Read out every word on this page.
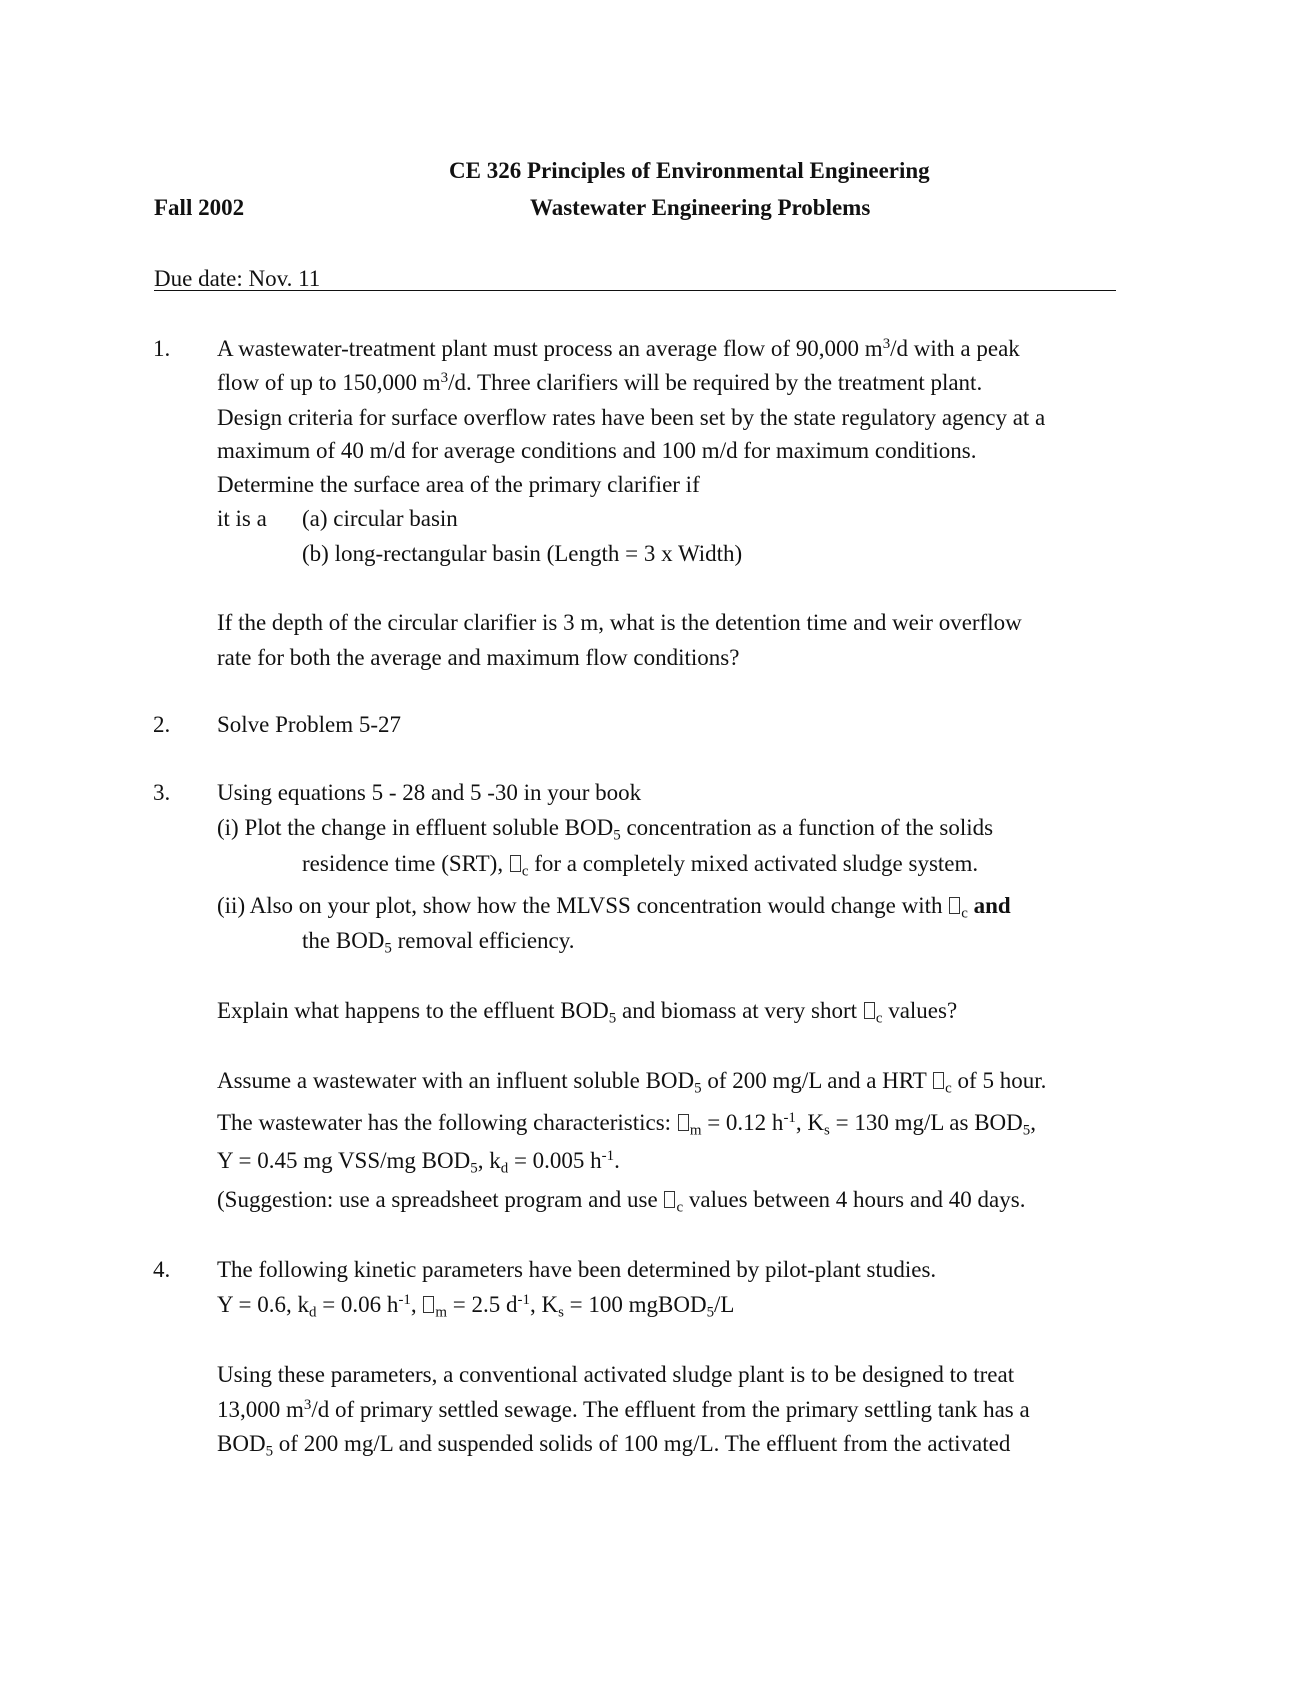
CE 326 Principles of Environmental Engineering
Fall 2002	Wastewater Engineering Problems
Due date: Nov. 11
1. A wastewater-treatment plant must process an average flow of 90,000 $m^3/d$ with a peak
flow of up to 150,000 $m^3/d$. Three clarifiers will be required by the treatment plant.
Design criteria for surface overflow rates have been set by the state regulatory agency at a
maximum of 40 m/d for average conditions and 100 m/d for maximum conditions.
Determine the surface area of the primary clarifier if
it is a (a) circular basin
(b) long-rectangular basin (Length = 3 x Width)
If the depth of the circular clarifier is 3 m, what is the detention time and weir overflow
rate for both the average and maximum flow conditions?
2. Solve Problem 5-27
3. Using equations 5 - 28 and 5 -30 in your book
(i) Plot the change in effluent soluble $BOD_5$ concentration as a function of the solids
residence time (SRT), $_c$ for a completely mixed activated sludge system.
(ii) Also on your plot, show how the MLVSS concentration would change with $_c$ and
the $BOD_5$ removal efficiency.
Explain what happens to the effluent $BOD_5$ and biomass at very short $_c$ values?
Assume a wastewater with an influent soluble $BOD_5$ of 200 mg/L and a HRT $_c$ of 5 hour.
The wastewater has the following characteristics: $_m$ = 0.12 $h^{-1}$, $K_s = 130$ mg/L as $BOD_5$,
Y = 0.45 mg VSS/mg $BOD_5$, $k_d = 0.005$ $h^{-1}$.
(Suggestion: use a spreadsheet program and use $_c$ values between 4 hours and 40 days.
4. The following kinetic parameters have been determined by pilot-plant studies.
Y = 0.6, $k_d = 0.06$ $h^{-1}$, $_m$ = 2.5 $d^{-1}$, $K_s = 100$ mgBOD$_5$/L
Using these parameters, a conventional activated sludge plant is to be designed to treat
13,000 $m^3/d$ of primary settled sewage. The effluent from the primary settling tank has a
$BOD_5$ of 200 mg/L and suspended solids of 100 mg/L. The effluent from the activated
